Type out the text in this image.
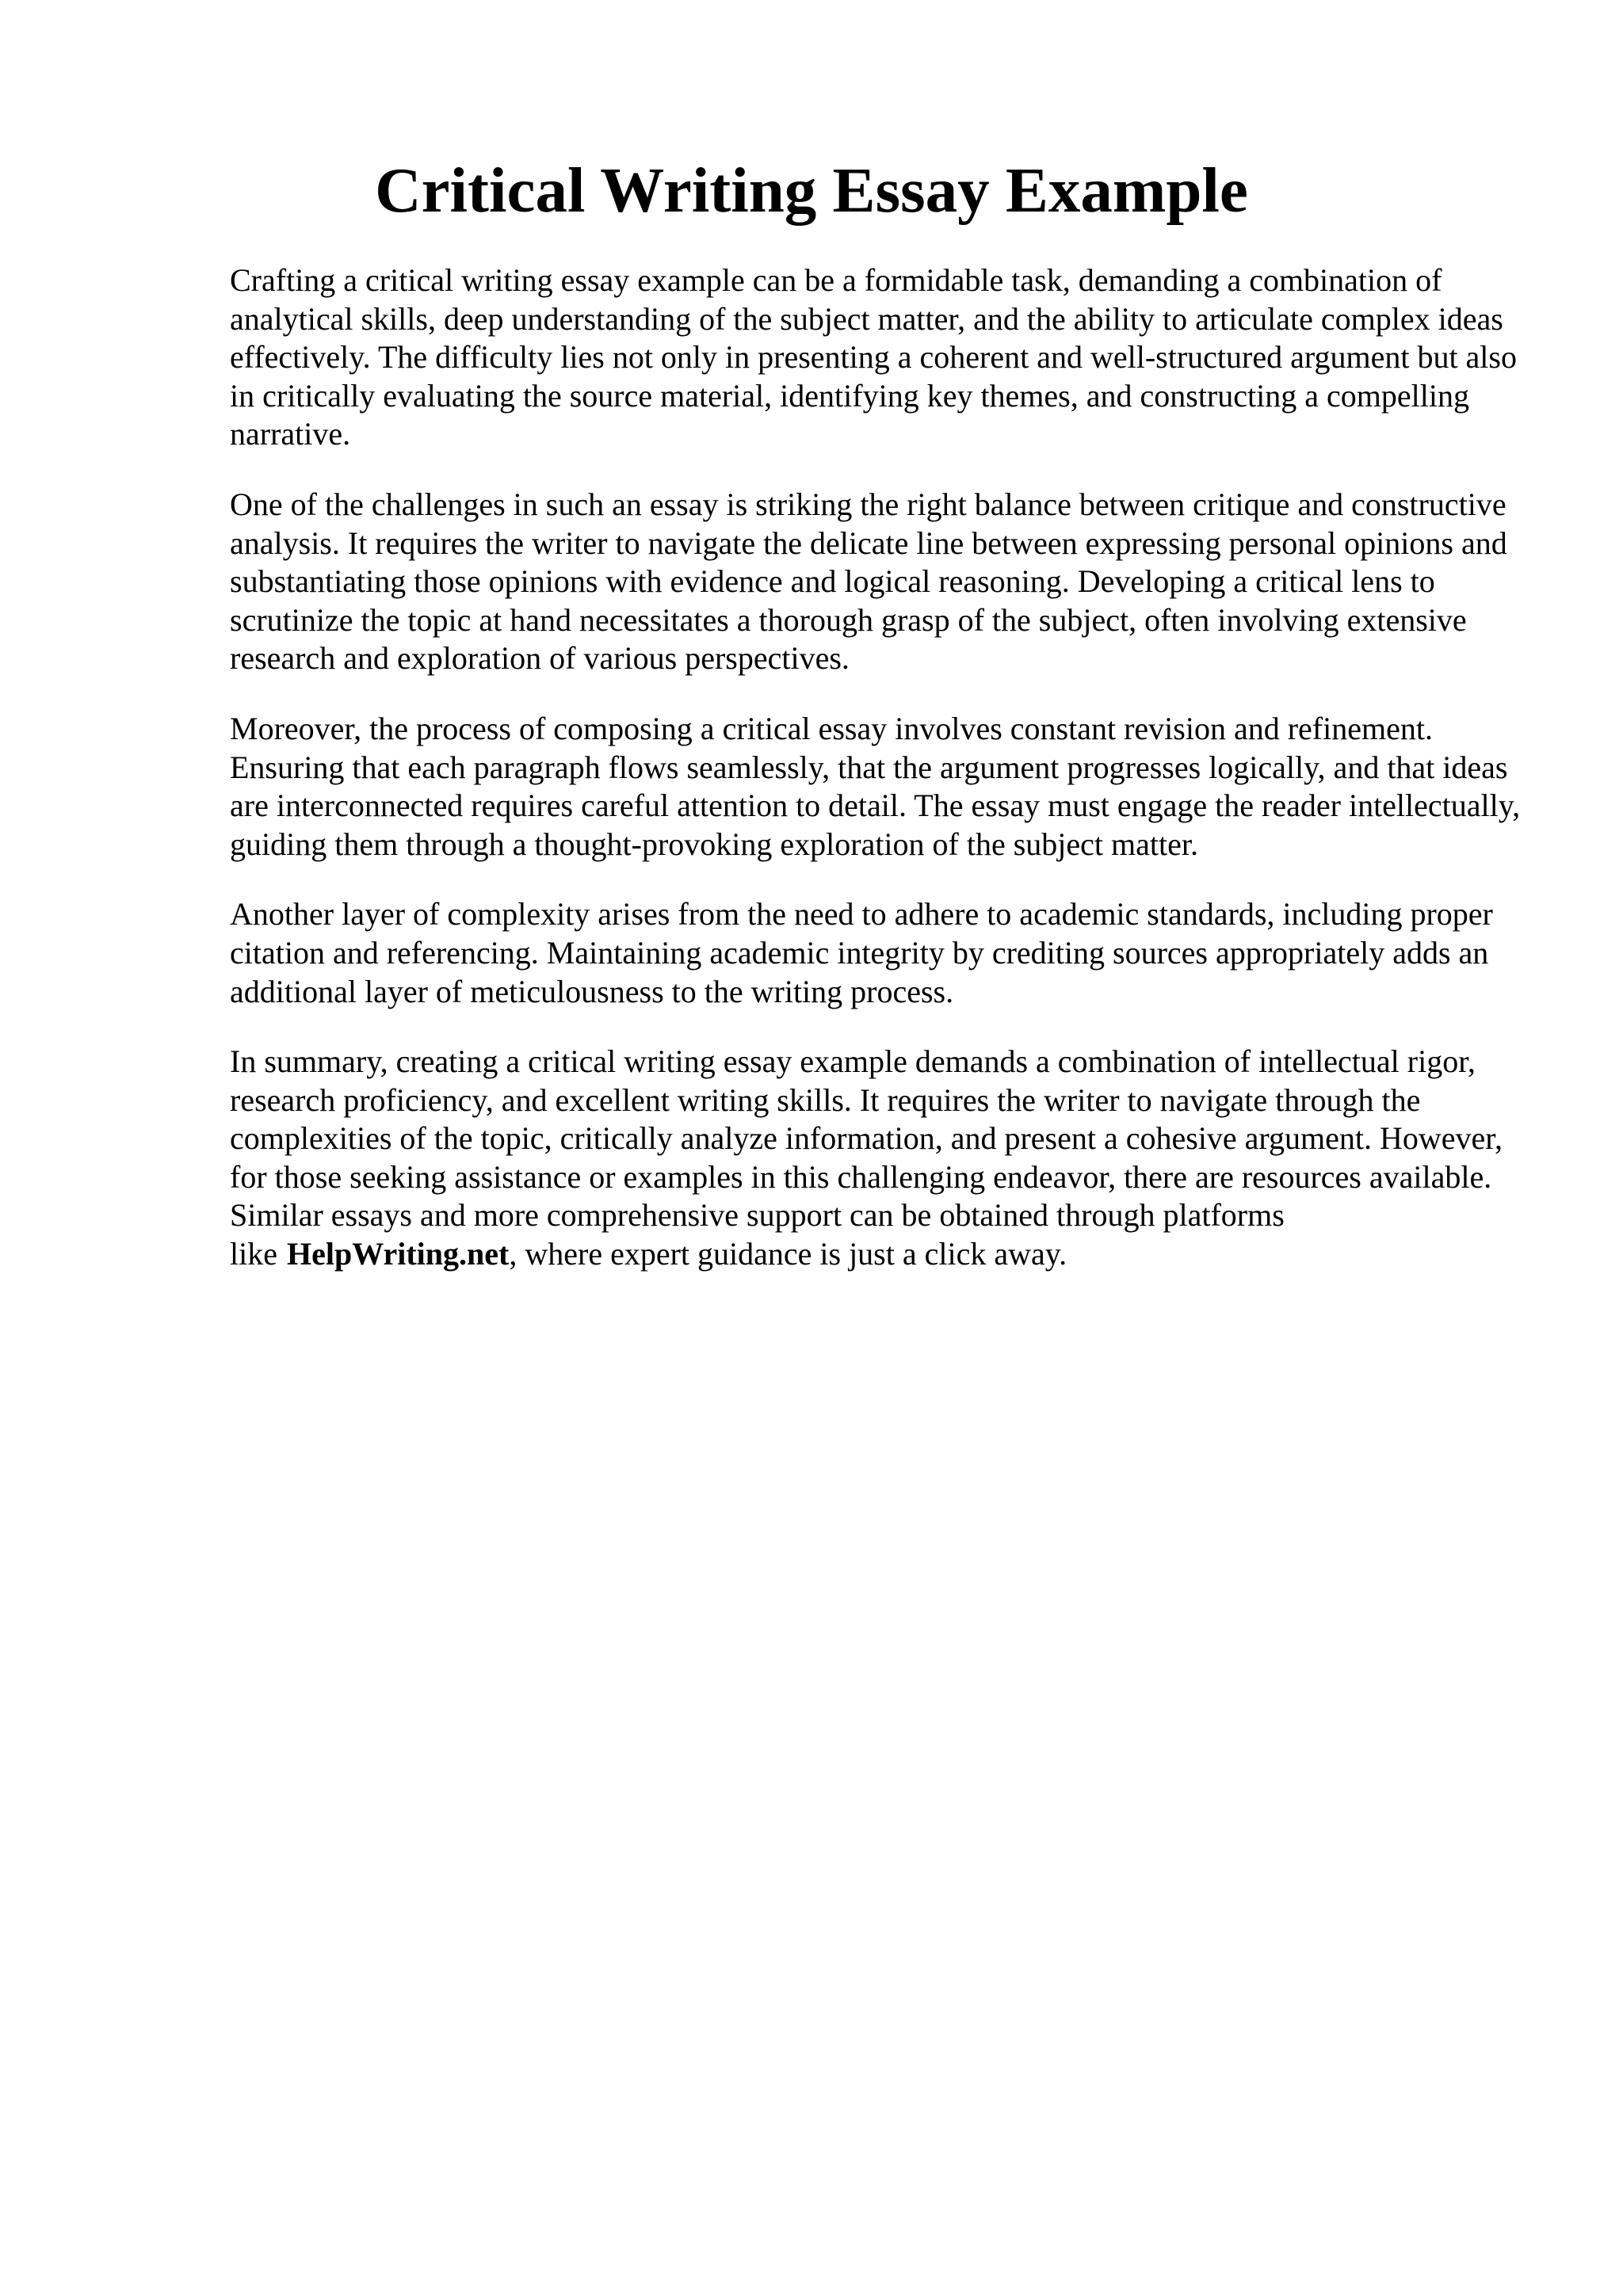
Critical Writing Essay Example

Crafting a critical writing essay example can be a formidable task, demanding a combination of analytical skills, deep understanding of the subject matter, and the ability to articulate complex ideas effectively. The difficulty lies not only in presenting a coherent and well-structured argument but also in critically evaluating the source material, identifying key themes, and constructing a compelling narrative.

One of the challenges in such an essay is striking the right balance between critique and constructive analysis. It requires the writer to navigate the delicate line between expressing personal opinions and substantiating those opinions with evidence and logical reasoning. Developing a critical lens to scrutinize the topic at hand necessitates a thorough grasp of the subject, often involving extensive research and exploration of various perspectives.

Moreover, the process of composing a critical essay involves constant revision and refinement. Ensuring that each paragraph flows seamlessly, that the argument progresses logically, and that ideas are interconnected requires careful attention to detail. The essay must engage the reader intellectually, guiding them through a thought-provoking exploration of the subject matter.

Another layer of complexity arises from the need to adhere to academic standards, including proper citation and referencing. Maintaining academic integrity by crediting sources appropriately adds an additional layer of meticulousness to the writing process.

In summary, creating a critical writing essay example demands a combination of intellectual rigor, research proficiency, and excellent writing skills. It requires the writer to navigate through the complexities of the topic, critically analyze information, and present a cohesive argument. However, for those seeking assistance or examples in this challenging endeavor, there are resources available. Similar essays and more comprehensive support can be obtained through platforms like HelpWriting.net, where expert guidance is just a click away.
